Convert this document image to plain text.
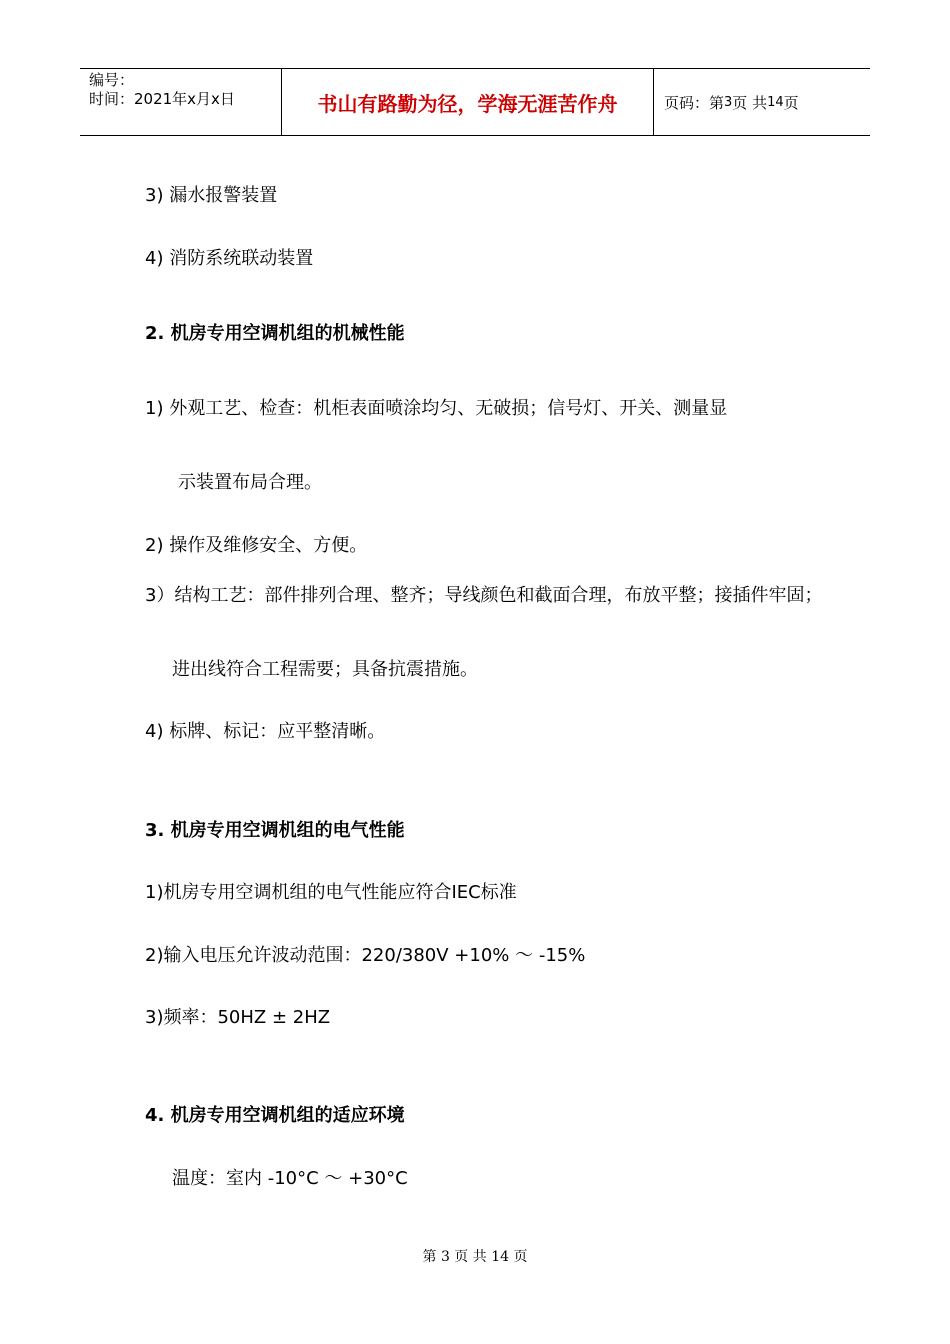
编号：
时间：2021年x月x日	书山有路勤为径，学海无涯苦作舟	页码：第 3 页 共 14 页
3) 漏水报警装置
4) 消防系统联动装置
2. 机房专用空调机组的机械性能
1) 外观工艺、检查：机柜表面喷涂均匀、无破损；信号灯、开关、测量显
示装置布局合理。
2) 操作及维修安全、方便。
3）结构工艺：部件排列合理、整齐；导线颜色和截面合理，布放平整；接插件牢固；
进出线符合工程需要；具备抗震措施。
4) 标牌、标记：应平整清晰。
3. 机房专用空调机组的电气性能
1)机房专用空调机组的电气性能应符合IEC标准
2)输入电压允许波动范围：220/380V +10% ～ -15%
3)频率：50HZ ± 2HZ
4. 机房专用空调机组的适应环境
温度：室内 -10°C ～ +30°C
第 3 页 共 14 页
